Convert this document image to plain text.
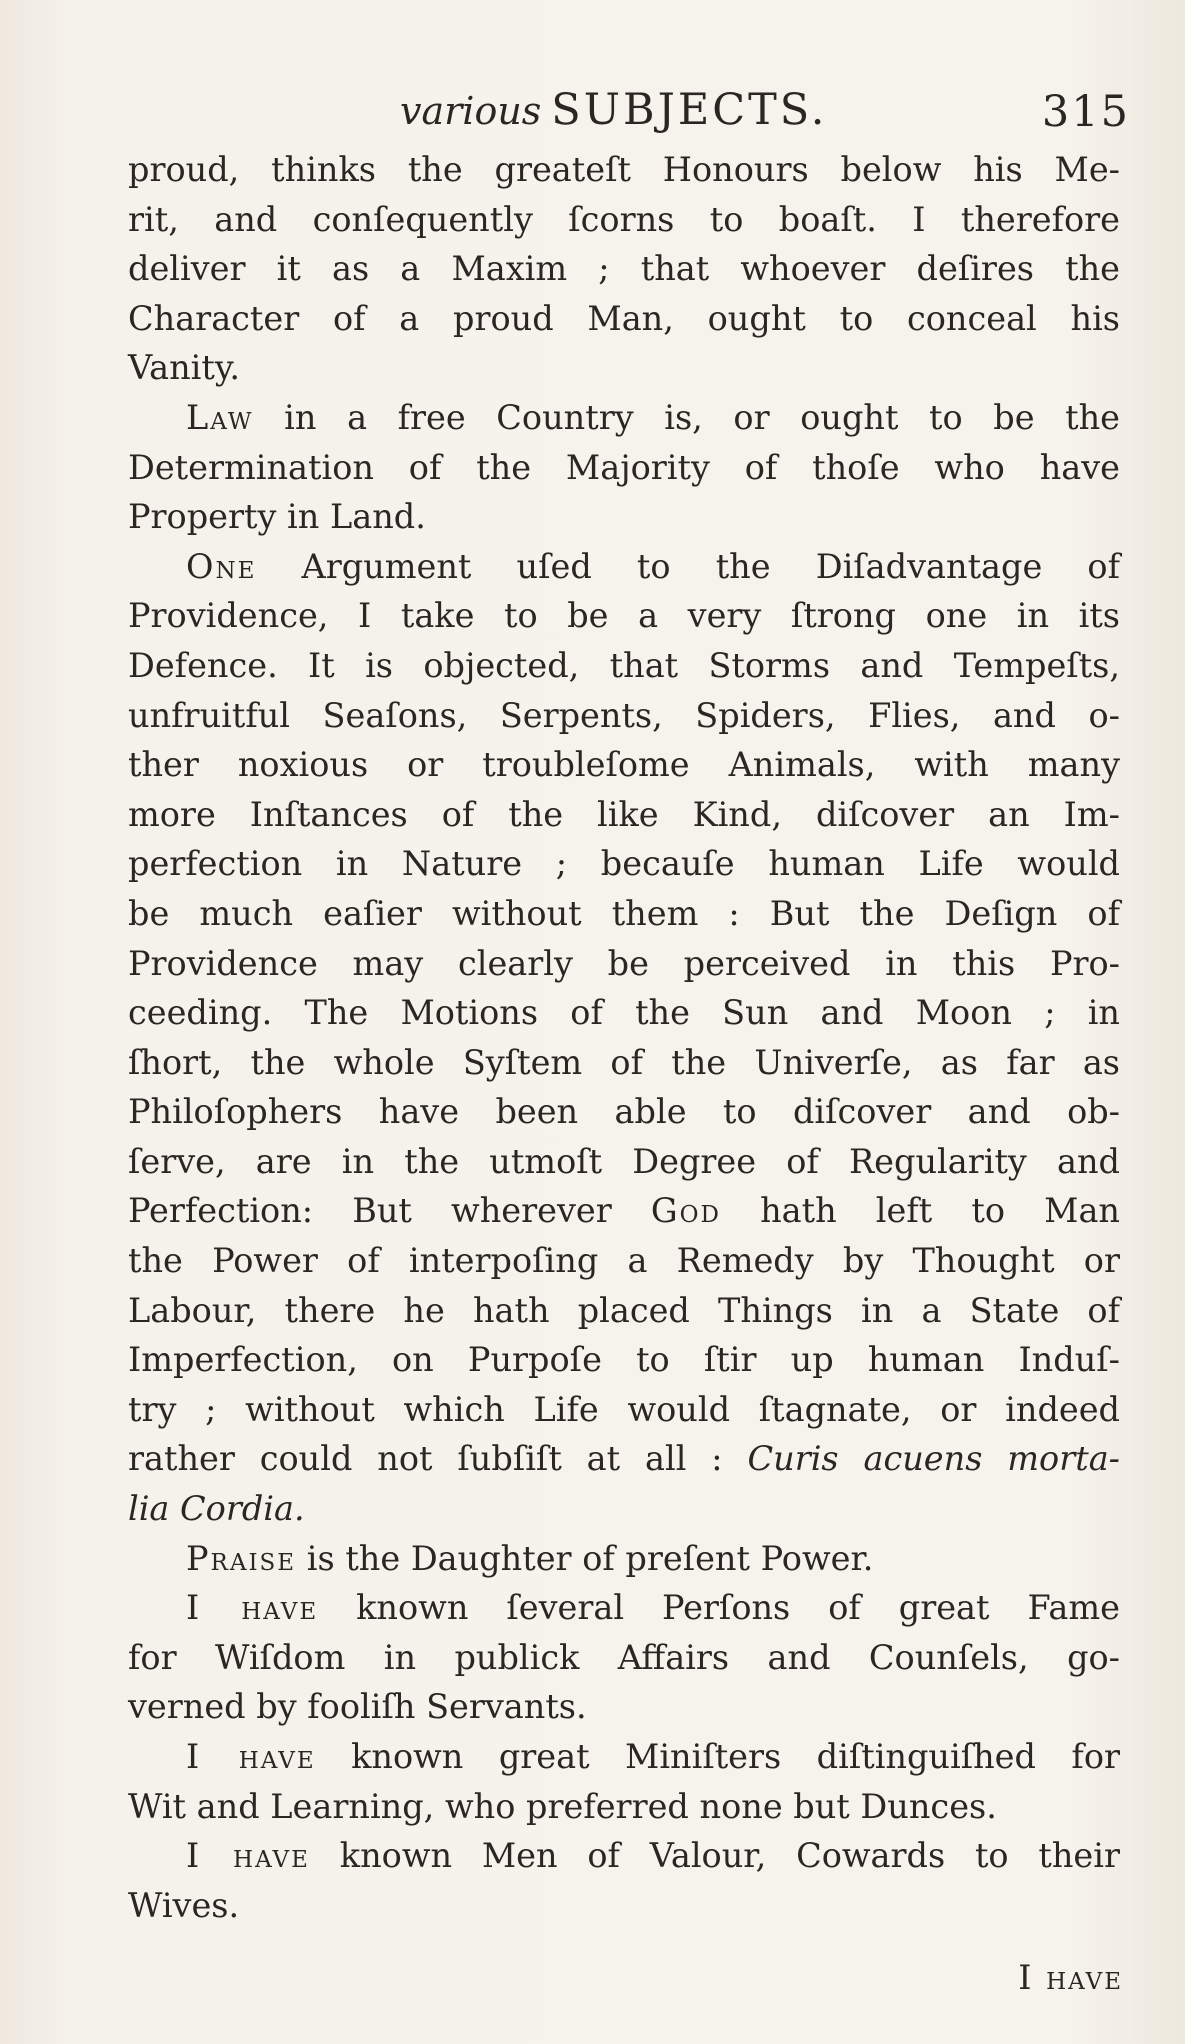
various SUBJECTS.	315
proud, thinks the greateſt Honours below his Me-
rit, and conſequently ſcorns to boaſt. I therefore
deliver it as a Maxim ; that whoever deſires the
Character of a proud Man, ought to conceal his
Vanity.
Law in a free Country is, or ought to be the
Determination of the Majority of thoſe who have
Property in Land.
One Argument uſed to the Diſadvantage of
Providence, I take to be a very ſtrong one in its
Defence. It is objected, that Storms and Tempeſts,
unfruitful Seaſons, Serpents, Spiders, Flies, and o-
ther noxious or troubleſome Animals, with many
more Inſtances of the like Kind, diſcover an Im-
perfection in Nature ; becauſe human Life would
be much eaſier without them : But the Deſign of
Providence may clearly be perceived in this Pro-
ceeding. The Motions of the Sun and Moon ; in
ſhort, the whole Syſtem of the Univerſe, as far as
Philoſophers have been able to diſcover and ob-
ſerve, are in the utmoſt Degree of Regularity and
Perfection: But wherever God hath left to Man
the Power of interpoſing a Remedy by Thought or
Labour, there he hath placed Things in a State of
Imperfection, on Purpoſe to ſtir up human Induſ-
try ; without which Life would ſtagnate, or indeed
rather could not ſubſiſt at all : Curis acuens morta-
lia Cordia.
Praise is the Daughter of preſent Power.
I have known ſeveral Perſons of great Fame
for Wiſdom in publick Affairs and Counſels, go-
verned by fooliſh Servants.
I have known great Miniſters diſtinguiſhed for
Wit and Learning, who preferred none but Dunces.
I have known Men of Valour, Cowards to their
Wives.
I have
